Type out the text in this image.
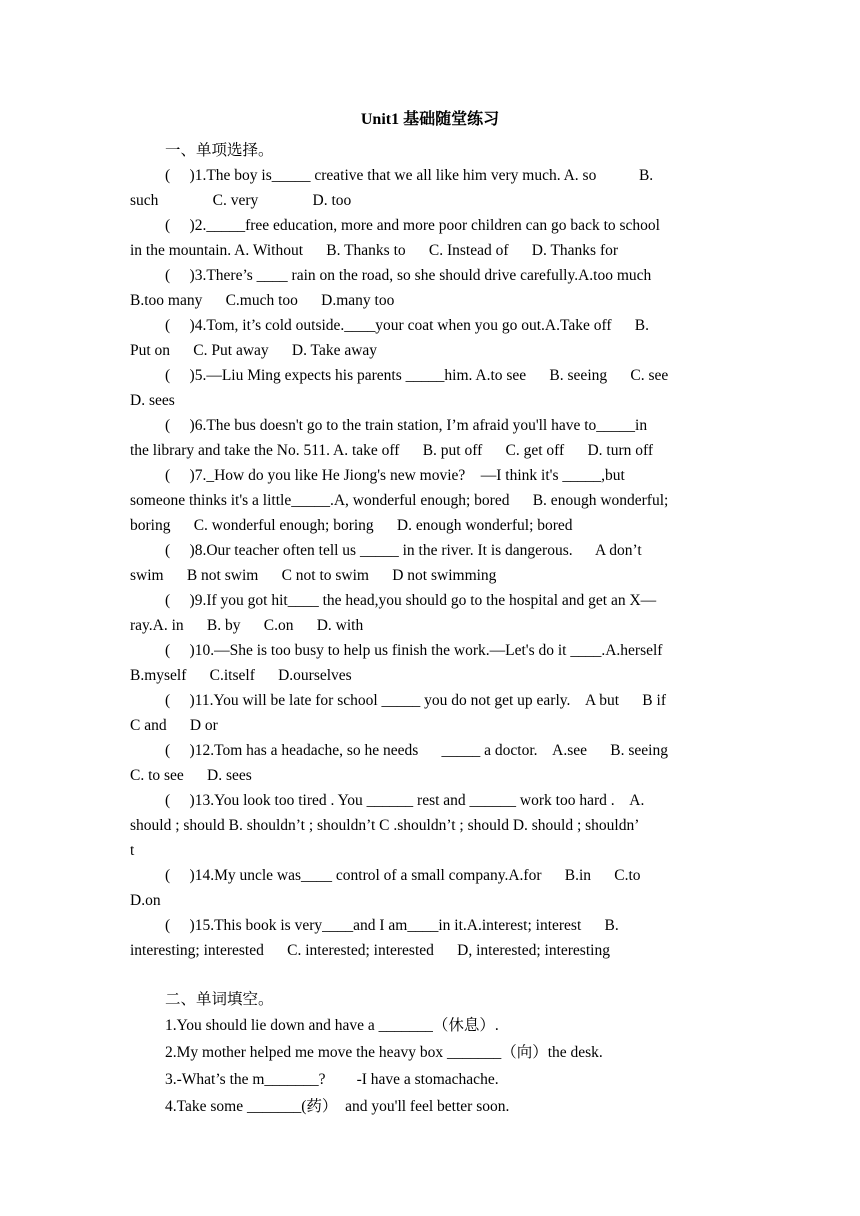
Unit1 基础随堂练习
一、单项选择。
(     )1.The boy is_____ creative that we all like him very much. A. so           B.
such              C. very              D. too
(     )2._____free education, more and more poor children can go back to school
in the mountain. A. Without      B. Thanks to      C. Instead of      D. Thanks for
(     )3.There’s ____ rain on the road, so she should drive carefully.A.too much
B.too many      C.much too      D.many too
(     )4.Tom, it’s cold outside.____your coat when you go out.A.Take off      B.
Put on      C. Put away      D. Take away
(     )5.—Liu Ming expects his parents _____him. A.to see      B. seeing      C. see
D. sees
(     )6.The bus doesn't go to the train station, I’m afraid you'll have to_____in
the library and take the No. 511. A. take off      B. put off      C. get off      D. turn off
(     )7._How do you like He Jiong's new movie?    —I think it's _____,but
someone thinks it's a little_____.A, wonderful enough; bored      B. enough wonderful;
boring      C. wonderful enough; boring      D. enough wonderful; bored
(     )8.Our teacher often tell us _____ in the river. It is dangerous.      A don’t
swim      B not swim      C not to swim      D not swimming
(     )9.If you got hit____ the head,you should go to the hospital and get an X—
ray.A. in      B. by      C.on      D. with
(     )10.—She is too busy to help us finish the work.—Let's do it ____.A.herself
B.myself      C.itself      D.ourselves
(     )11.You will be late for school _____ you do not get up early.    A but      B if
C and      D or
(     )12.Tom has a headache, so he needs      _____ a doctor.    A.see      B. seeing
C. to see      D. sees
(     )13.You look too tired . You ______ rest and ______ work too hard .    A.
should ; should B. shouldn’t ; shouldn’t C .shouldn’t ; should D. should ; shouldn’
t
(     )14.My uncle was____ control of a small company.A.for      B.in      C.to
D.on
(     )15.This book is very____and I am____in it.A.interest; interest      B.
interesting; interested      C. interested; interested      D, interested; interesting
二、单词填空。
1.You should lie down and have a _______（休息）.
2.My mother helped me move the heavy box _______（向）the desk.
3.-What’s the m_______?        -I have a stomachache.
4.Take some _______(药）  and you'll feel better soon.
